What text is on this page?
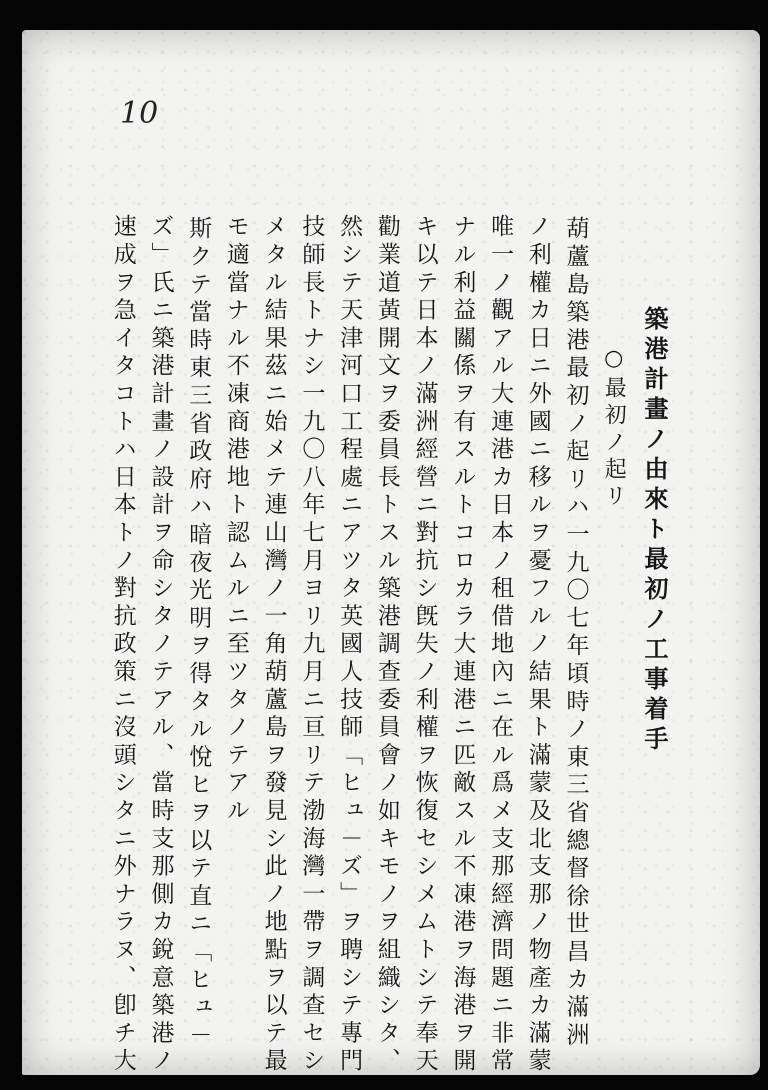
10
築港計畫ノ由來ト最初ノ工事着手
○最初ノ起リ
葫蘆島築港最初ノ起リハ一九〇七年頃時ノ東三省總督徐世昌カ滿洲
ノ利權カ日ニ外國ニ移ルヲ憂フルノ結果ト滿蒙及北支那ノ物產カ滿蒙
唯一ノ觀アル大連港カ日本ノ租借地內ニ在ル爲メ支那經濟問題ニ非常
ナル利益關係ヲ有スルトコロカラ大連港ニ匹敵スル不凍港ヲ海港ヲ開
キ以テ日本ノ滿洲經營ニ對抗シ旣失ノ利權ヲ恢復セシメムトシテ奉天
勸業道黃開文ヲ委員長トスル築港調查委員會ノ如キモノヲ組織シタ、
然シテ天津河口工程處ニアツタ英國人技師「ヒュ－ズ」ヲ聘シテ專門
技師長トナシ一九〇八年七月ヨリ九月ニ亘リテ渤海灣一帶ヲ調查セシ
メタル結果茲ニ始メテ連山灣ノ一角葫蘆島ヲ發見シ此ノ地點ヲ以テ最
モ適當ナル不凍商港地ト認ムルニ至ツタノテアル
斯クテ當時東三省政府ハ暗夜光明ヲ得タル悅ヒヲ以テ直ニ「ヒュ－
ズ」氏ニ築港計畫ノ設計ヲ命シタノテアル、當時支那側カ銳意築港ノ
速成ヲ急イタコトハ日本トノ對抗政策ニ沒頭シタニ外ナラヌ、卽チ大
